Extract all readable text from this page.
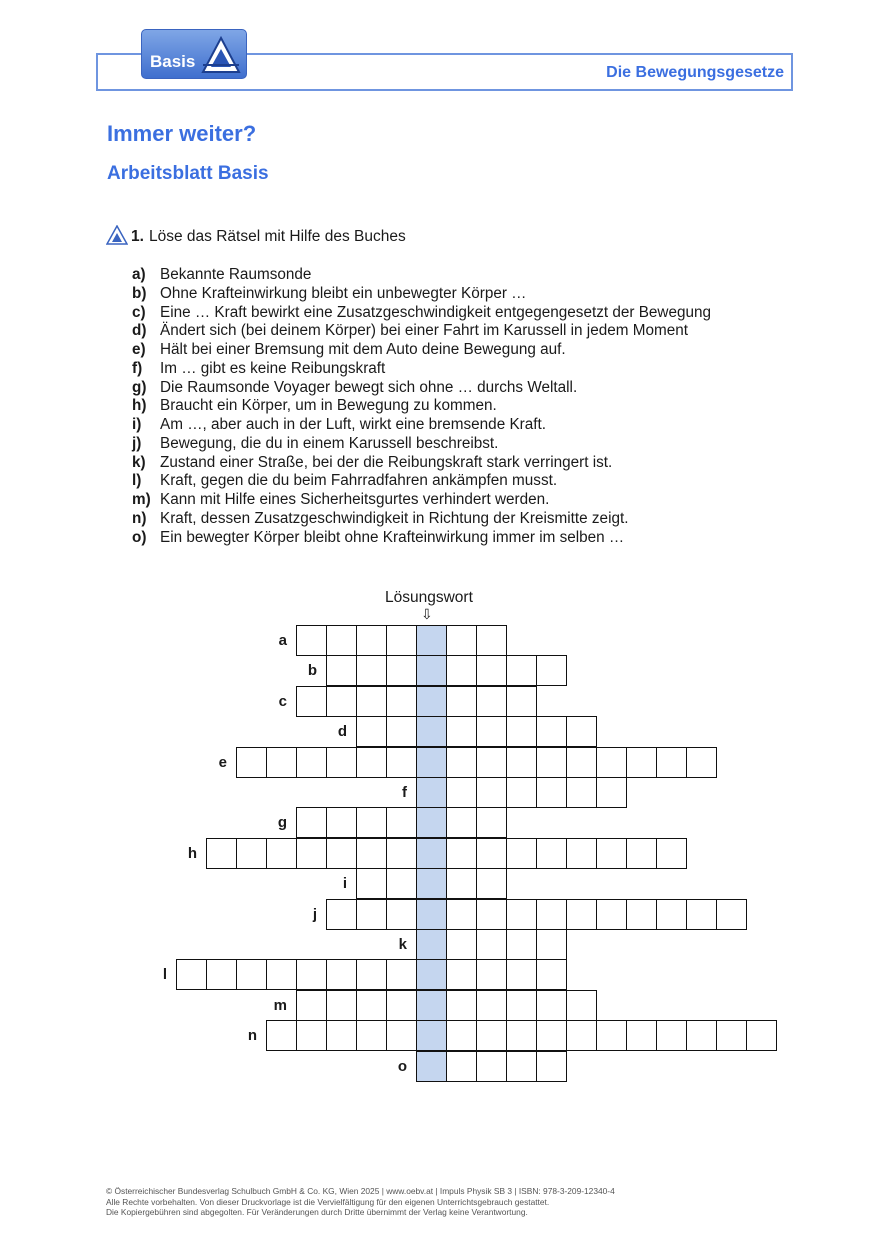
Basis
Die Bewegungsgesetze
Immer weiter?
Arbeitsblatt Basis
1. Löse das Rätsel mit Hilfe des Buches
a) Bekannte Raumsonde
b) Ohne Krafteinwirkung bleibt ein unbewegter Körper …
c) Eine … Kraft bewirkt eine Zusatzgeschwindigkeit entgegengesetzt der Bewegung
d) Ändert sich (bei deinem Körper) bei einer Fahrt im Karussell in jedem Moment
e) Hält bei einer Bremsung mit dem Auto deine Bewegung auf.
f) Im … gibt es keine Reibungskraft
g) Die Raumsonde Voyager bewegt sich ohne … durchs Weltall.
h) Braucht ein Körper, um in Bewegung zu kommen.
i) Am …, aber auch in der Luft, wirkt eine bremsende Kraft.
j) Bewegung, die du in einem Karussell beschreibst.
k) Zustand einer Straße, bei der die Reibungskraft stark verringert ist.
l) Kraft, gegen die du beim Fahrradfahren ankämpfen musst.
m) Kann mit Hilfe eines Sicherheitsgurtes verhindert werden.
n) Kraft, dessen Zusatzgeschwindigkeit in Richtung der Kreismitte zeigt.
o) Ein bewegter Körper bleibt ohne Krafteinwirkung immer im selben …
Lösungswort
⇩
a
b
c
d
e
f
g
h
i
j
k
l
m
n
o
© Österreichischer Bundesverlag Schulbuch GmbH & Co. KG, Wien 2025 | www.oebv.at | Impuls Physik SB 3 | ISBN: 978-3-209-12340-4
Alle Rechte vorbehalten. Von dieser Druckvorlage ist die Vervielfältigung für den eigenen Unterrichtsgebrauch gestattet.
Die Kopiergebühren sind abgegolten. Für Veränderungen durch Dritte übernimmt der Verlag keine Verantwortung.
